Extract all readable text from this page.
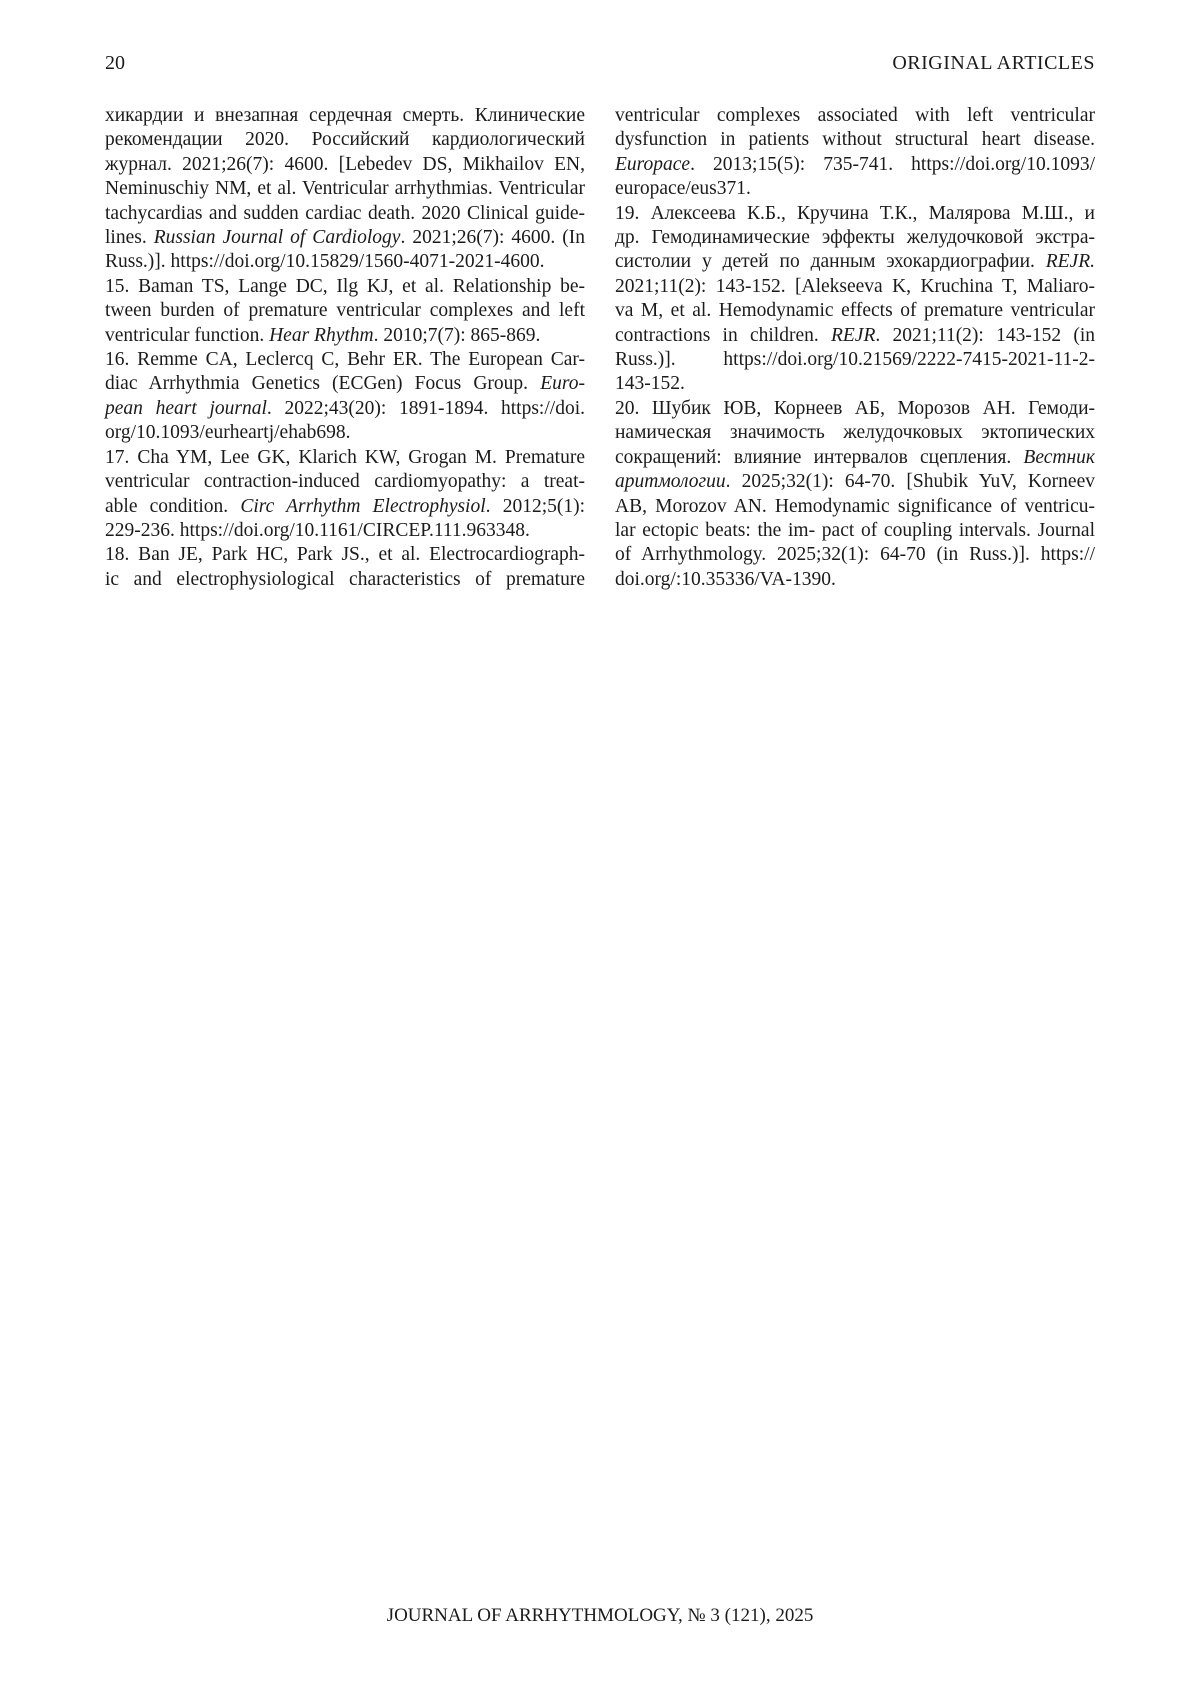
20	ORIGINAL ARTICLES
хикардии и внезапная сердечная смерть. Клинические
рекомендации 2020. Российский кардиологический
журнал. 2021;26(7): 4600. [Lebedev DS, Mikhailov EN,
Neminuschiy NM, et al. Ventricular arrhythmias. Ventricular
tachycardias and sudden cardiac death. 2020 Clinical guide-
lines. Russian Journal of Cardiology. 2021;26(7): 4600. (In
Russ.)]. https://doi.org/10.15829/1560-4071-2021-4600.
15. Baman TS, Lange DC, Ilg KJ, et al. Relationship be-
tween burden of premature ventricular complexes and left
ventricular function. Hear Rhythm. 2010;7(7): 865-869.
16. Remme CA, Leclercq C, Behr ER. The European Car-
diac Arrhythmia Genetics (ECGen) Focus Group. Euro-
pean heart journal. 2022;43(20): 1891-1894. https://doi.
org/10.1093/eurheartj/ehab698.
17. Cha YM, Lee GK, Klarich KW, Grogan M. Premature
ventricular contraction-induced cardiomyopathy: a treat-
able condition. Circ Arrhythm Electrophysiol. 2012;5(1):
229-236. https://doi.org/10.1161/CIRCEP.111.963348.
18. Ban JE, Park HC, Park JS., et al. Electrocardiograph-
ic and electrophysiological characteristics of premature
ventricular complexes associated with left ventricular
dysfunction in patients without structural heart disease.
Europace. 2013;15(5): 735-741. https://doi.org/10.1093/
europace/eus371.
19. Алексеева К.Б., Кручина Т.К., Малярова М.Ш., и
др. Гемодинамические эффекты желудочковой экстра-
систолии у детей по данным эхокардиографии. REJR.
2021;11(2): 143-152. [Alekseeva K, Kruchina T, Maliaro-
va M, et al. Hemodynamic effects of premature ventricular
contractions in children. REJR. 2021;11(2): 143-152 (in
Russ.)]. https://doi.org/10.21569/2222-7415-2021-11-2-
143-152.
20. Шубик ЮВ, Корнеев АБ, Морозов АН. Гемоди-
намическая значимость желудочковых эктопических
сокращений: влияние интервалов сцепления. Вестник
аритмологии. 2025;32(1): 64-70. [Shubik YuV, Korneev
AB, Morozov AN. Hemodynamic significance of ventricu-
lar ectopic beats: the im- pact of coupling intervals. Journal
of Arrhythmology. 2025;32(1): 64-70 (in Russ.)]. https://
doi.org/:10.35336/VA-1390.
JOURNAL OF ARRHYTHMOLOGY, № 3 (121), 2025
